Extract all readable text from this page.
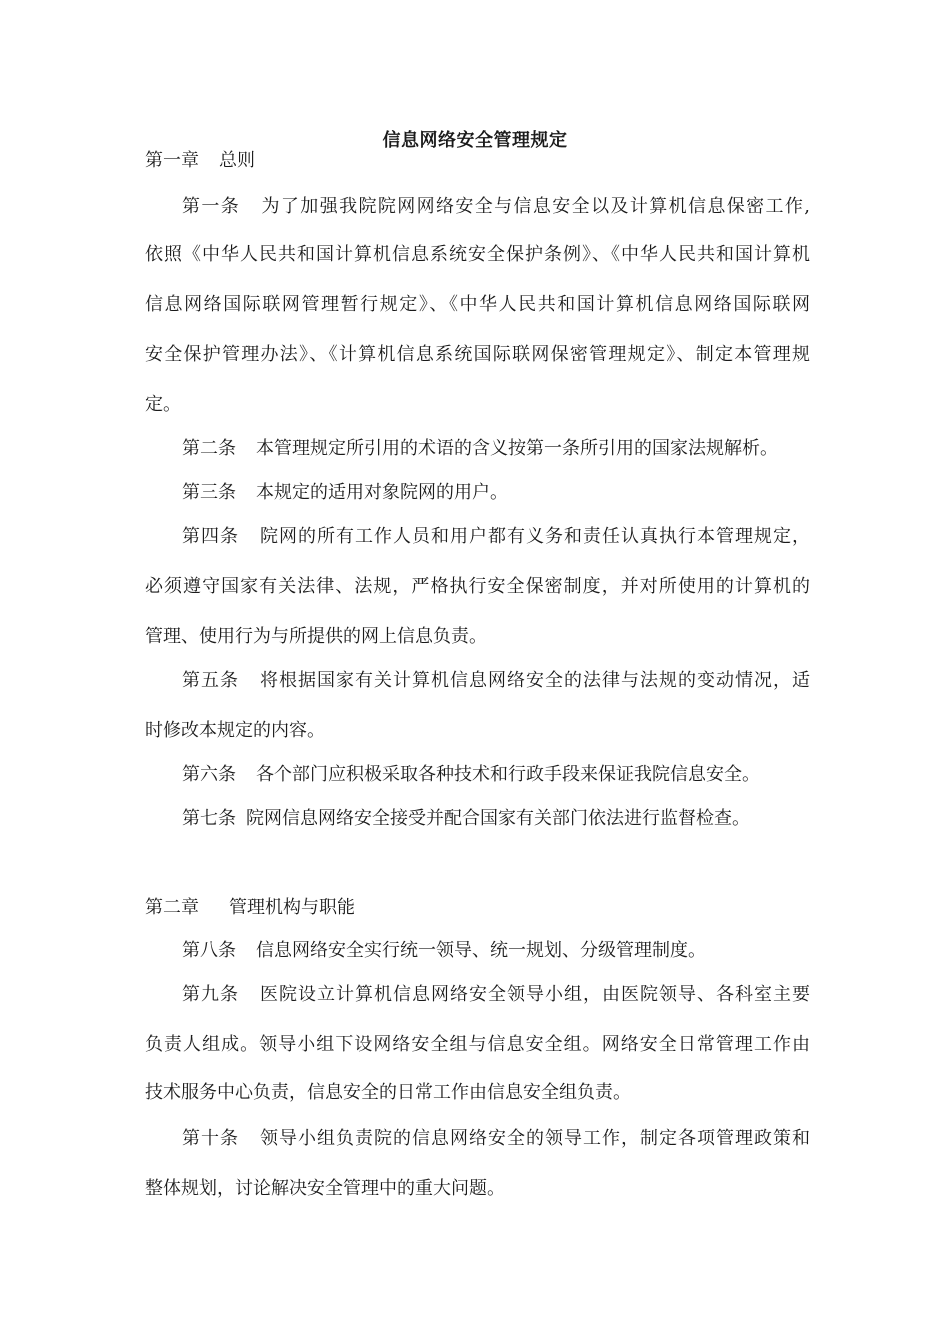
信息网络安全管理规定
第一章 总则
第一条 为了加强我院院网网络安全与信息安全以及计算机信息保密工作,
依照《中华人民共和国计算机信息系统安全保护条例》、《中华人民共和国计算机
信息网络国际联网管理暂行规定》、《中华人民共和国计算机信息网络国际联网
安全保护管理办法》、《计算机信息系统国际联网保密管理规定》、制定本管理规
定。
第二条 本管理规定所引用的术语的含义按第一条所引用的国家法规解析。
第三条 本规定的适用对象院网的用户。
第四条 院网的所有工作人员和用户都有义务和责任认真执行本管理规定，
必须遵守国家有关法律、法规，严格执行安全保密制度，并对所使用的计算机的
管理、使用行为与所提供的网上信息负责。
第五条 将根据国家有关计算机信息网络安全的法律与法规的变动情况，适
时修改本规定的内容。
第六条 各个部门应积极采取各种技术和行政手段来保证我院信息安全。
第七条 院网信息网络安全接受并配合国家有关部门依法进行监督检查。
第二章 管理机构与职能
第八条 信息网络安全实行统一领导、统一规划、分级管理制度。
第九条 医院设立计算机信息网络安全领导小组，由医院领导、各科室主要
负责人组成。领导小组下设网络安全组与信息安全组。网络安全日常管理工作由
技术服务中心负责，信息安全的日常工作由信息安全组负责。
第十条 领导小组负责院的信息网络安全的领导工作，制定各项管理政策和
整体规划，讨论解决安全管理中的重大问题。
